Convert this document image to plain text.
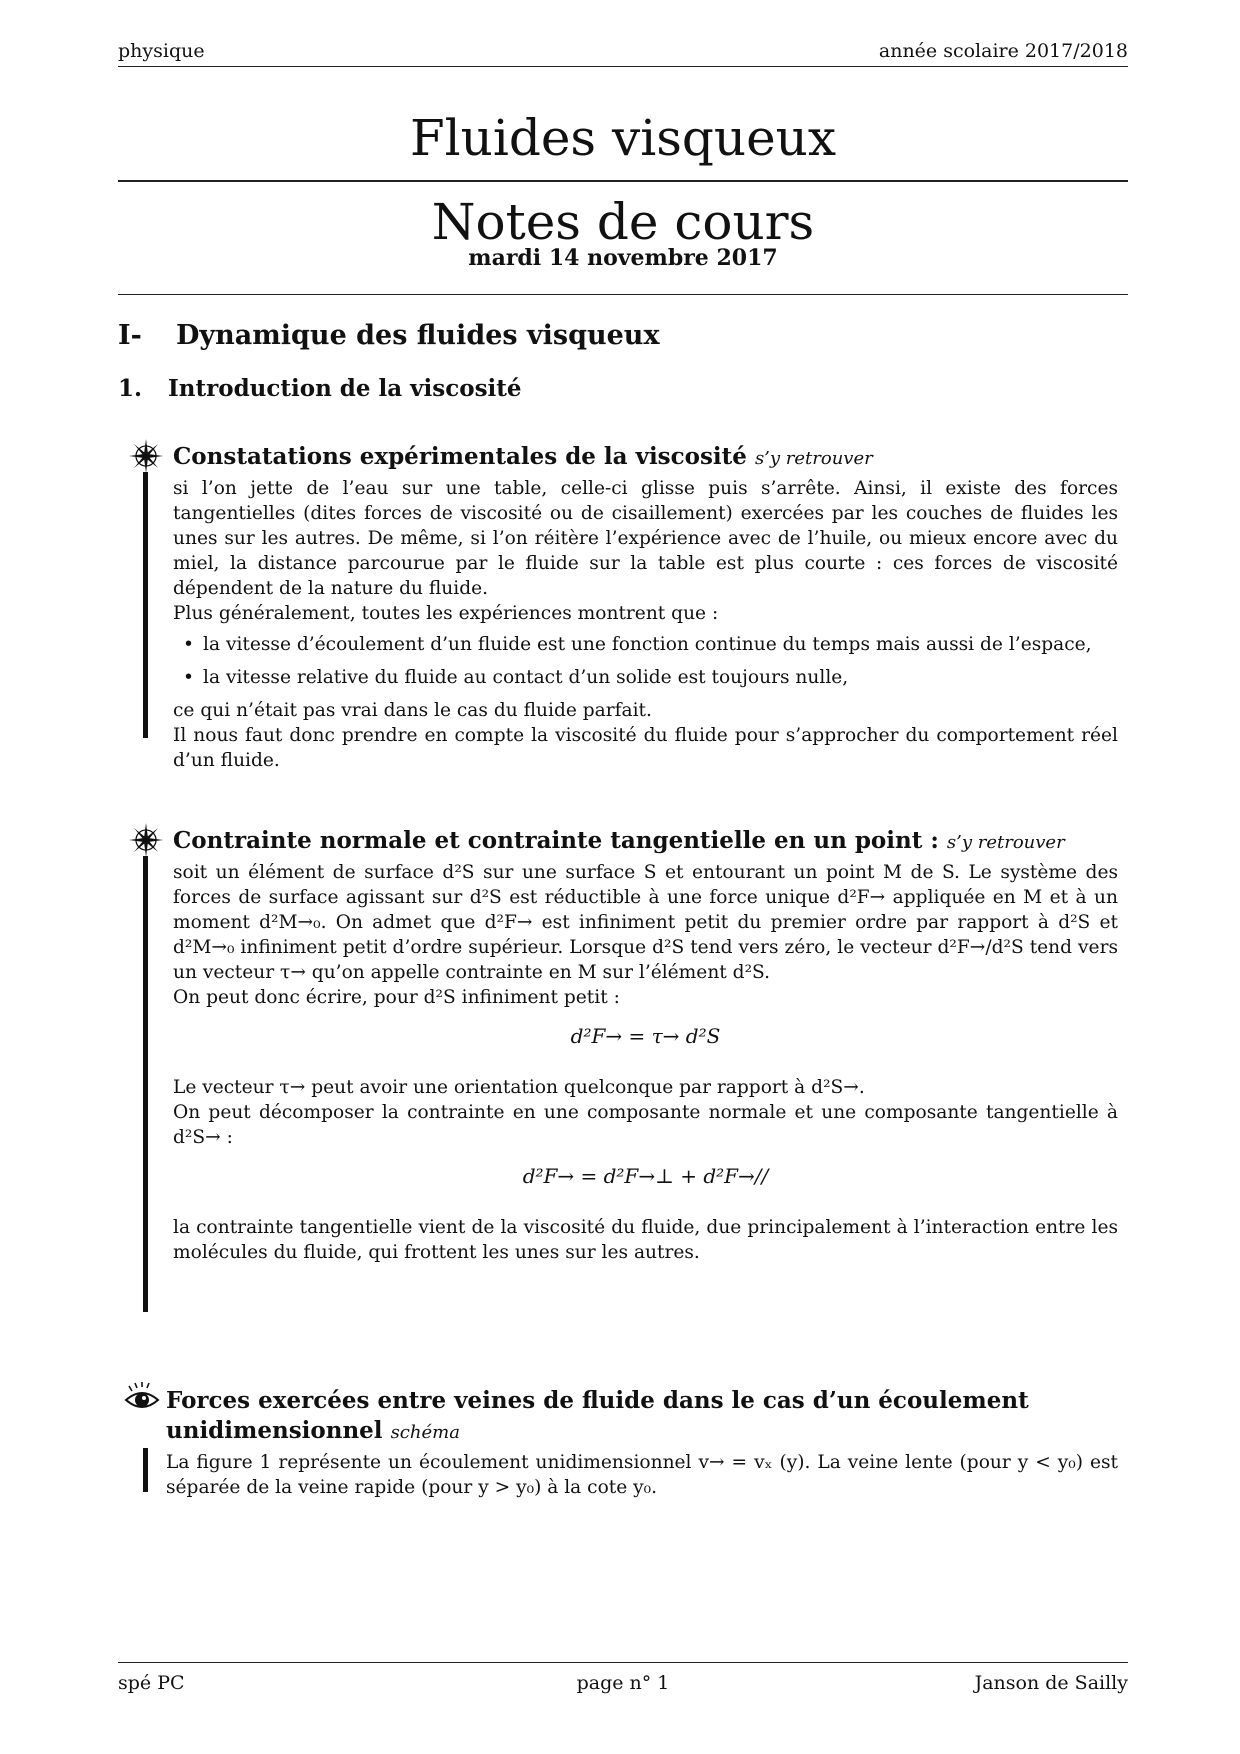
physique	année scolaire 2017/2018
Fluides visqueux
Notes de cours
mardi 14 novembre 2017
I- Dynamique des fluides visqueux
1. Introduction de la viscosité
Constatations expérimentales de la viscosité s’y retrouver

si l’on jette de l’eau sur une table, celle-ci glisse puis s’arrête. Ainsi, il existe des forces tangentielles (dites forces de viscosité ou de cisaillement) exercées par les couches de fluides les unes sur les autres. De même, si l’on réitère l’expérience avec de l’huile, ou mieux encore avec du miel, la distance parcourue par le fluide sur la table est plus courte : ces forces de viscosité dépendent de la nature du fluide.

Plus généralement, toutes les expériences montrent que :

• la vitesse d’écoulement d’un fluide est une fonction continue du temps mais aussi de l’espace,
• la vitesse relative du fluide au contact d’un solide est toujours nulle,

ce qui n’était pas vrai dans le cas du fluide parfait.

Il nous faut donc prendre en compte la viscosité du fluide pour s’approcher du comportement réel d’un fluide.

Contrainte normale et contrainte tangentielle en un point : s’y retrouver

soit un élément de surface d²S sur une surface S et entourant un point M de S. Le système des forces de surface agissant sur d²S est réductible à une force unique d²F→ appliquée en M et à un moment d²M→₀. On admet que d²F→ est infiniment petit du premier ordre par rapport à d²S et d²M→₀ infiniment petit d’ordre supérieur. Lorsque d²S tend vers zéro, le vecteur d²F→/d²S tend vers un vecteur τ→ qu’on appelle contrainte en M sur l’élément d²S.

On peut donc écrire, pour d²S infiniment petit :

d²F→ = τ→ d²S

Le vecteur τ→ peut avoir une orientation quelconque par rapport à d²S→.

On peut décomposer la contrainte en une composante normale et une composante tangentielle à d²S→ :

d²F→ = d²F→⊥ + d²F→//

la contrainte tangentielle vient de la viscosité du fluide, due principalement à l’interaction entre les molécules du fluide, qui frottent les unes sur les autres.

Forces exercées entre veines de fluide dans le cas d’un écoulement unidimensionnel schéma

La figure 1 représente un écoulement unidimensionnel v→ = vₓ (y). La veine lente (pour y < y₀) est séparée de la veine rapide (pour y > y₀) à la cote y₀.

spé PC	page n° 1	Janson de Sailly
